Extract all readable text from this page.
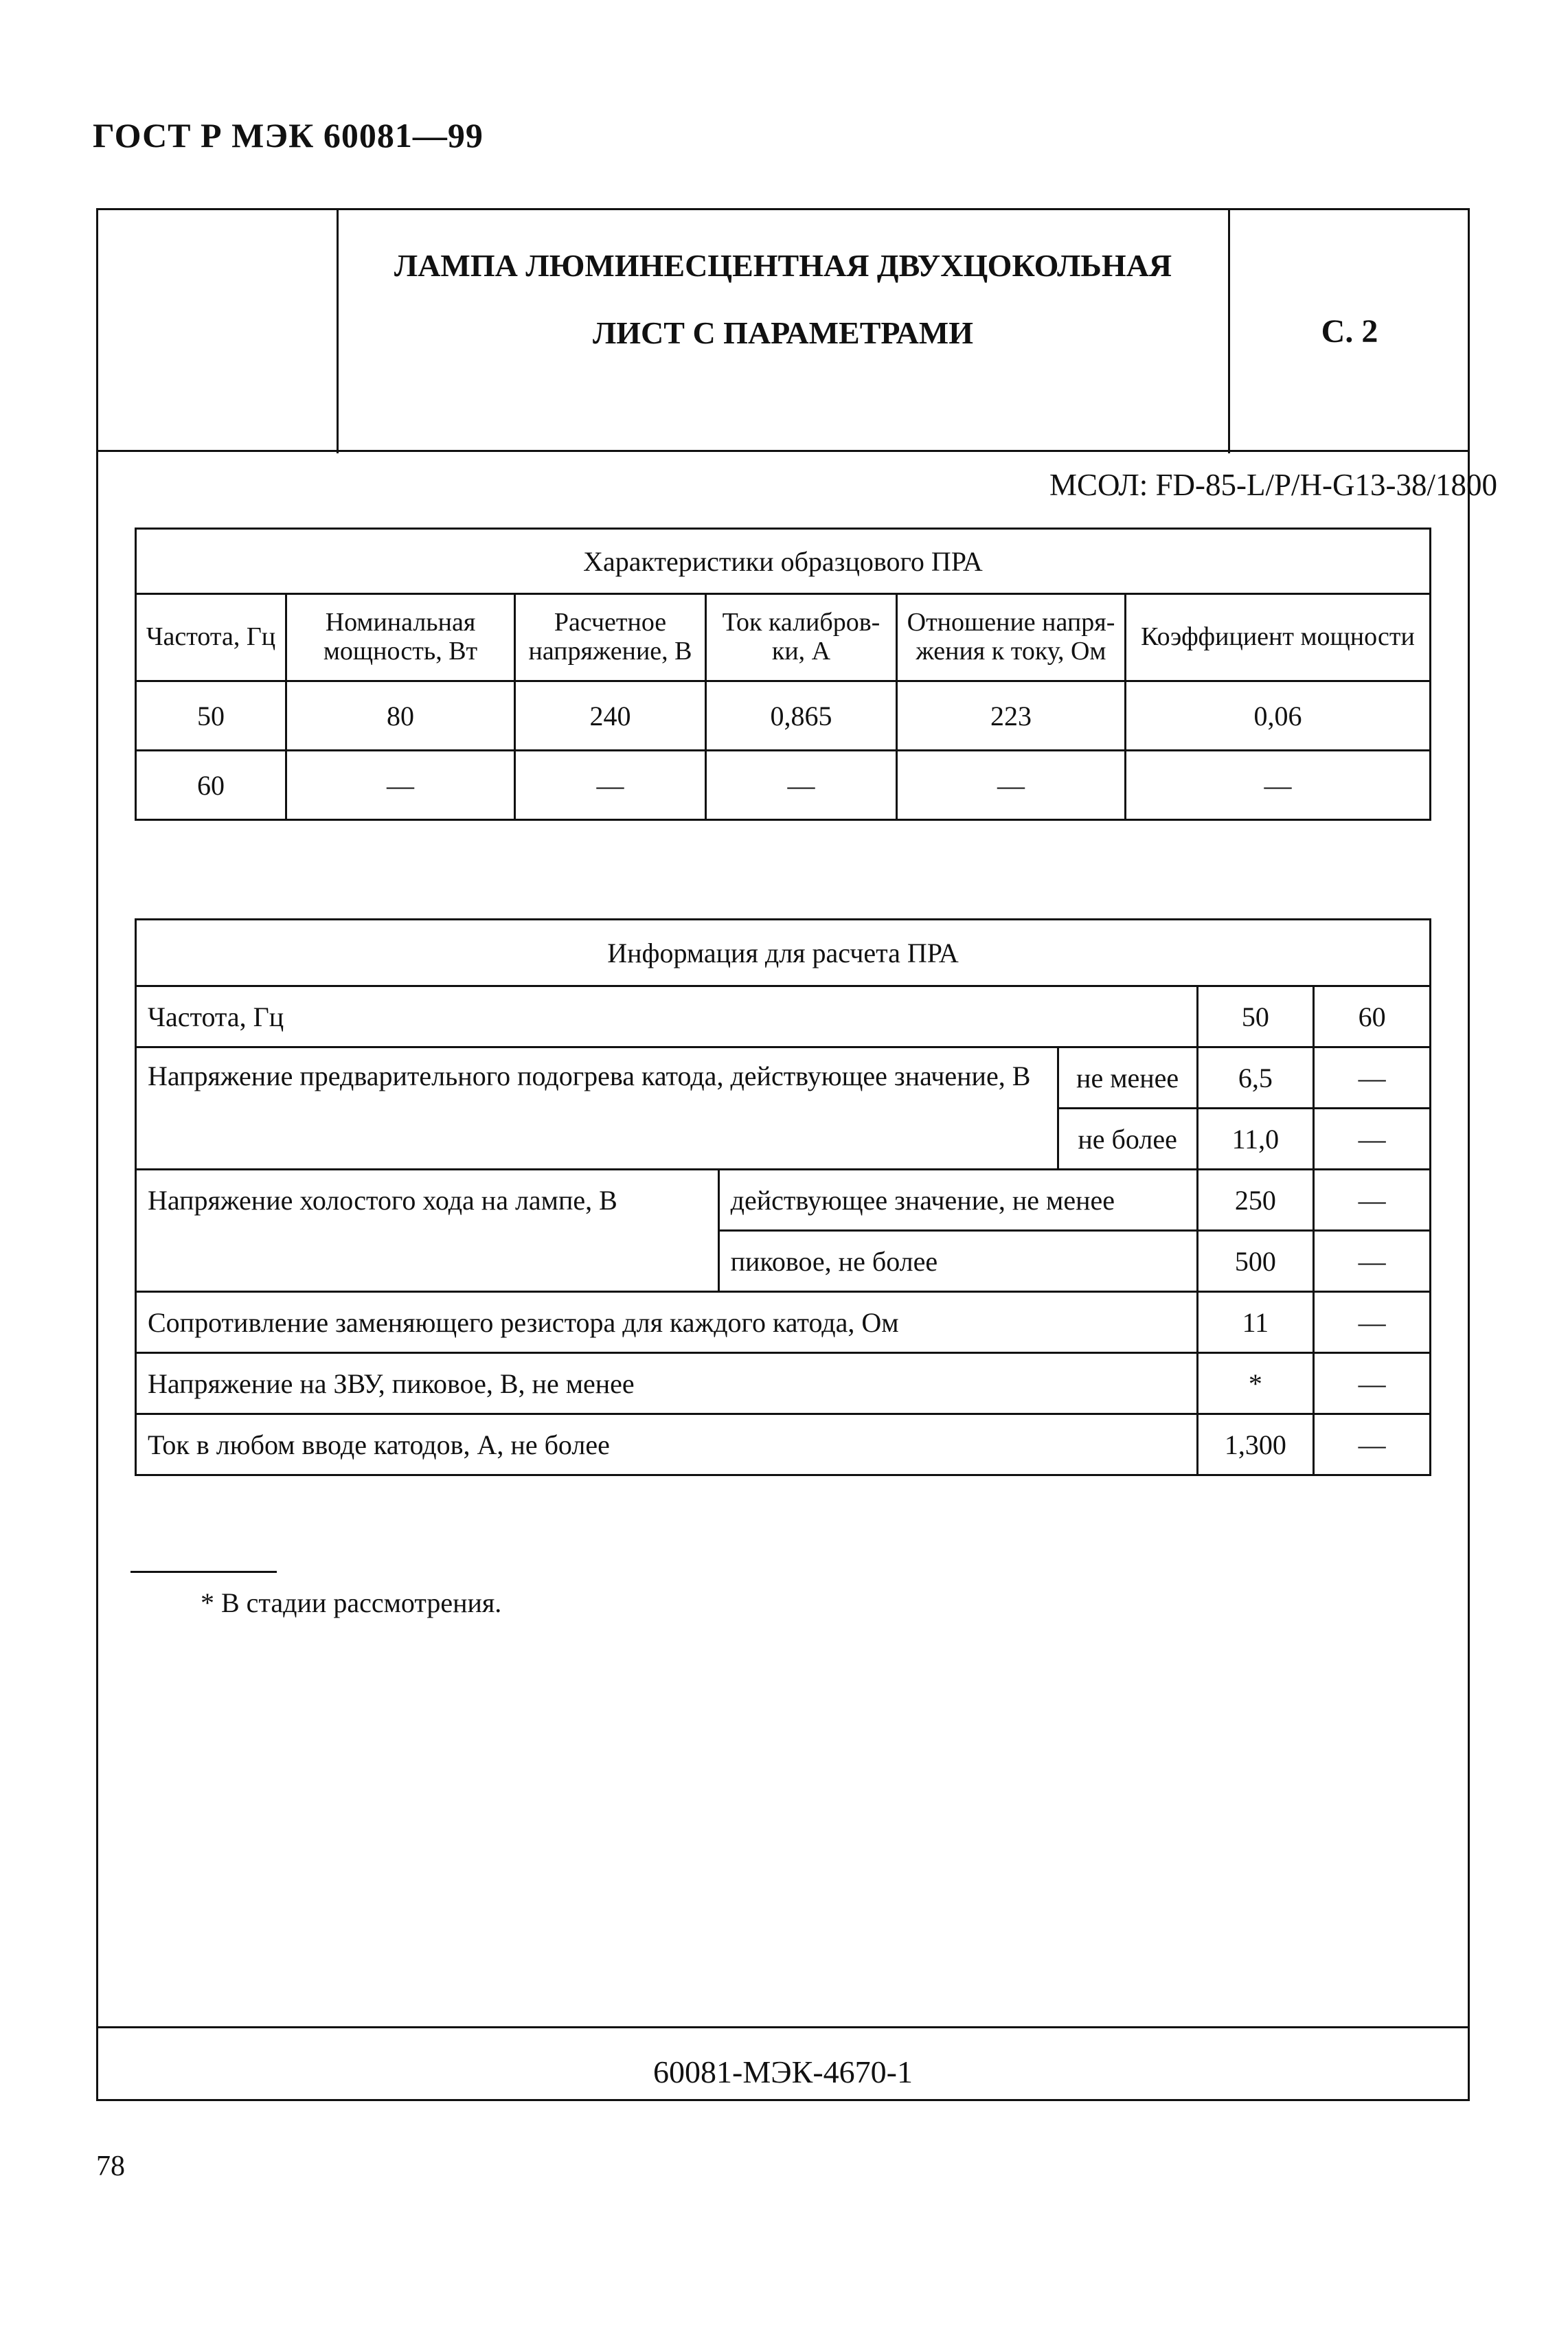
ГОСТ Р МЭК 60081—99
ЛАМПА ЛЮМИНЕСЦЕНТНАЯ ДВУХЦОКОЛЬНАЯ
ЛИСТ С ПАРАМЕТРАМИ	С. 2
МСОЛ: FD-85-L/P/H-G13-38/1800
Характеристики образцового ПРА					
Частота, Гц	Номинальная мощность, Вт	Расчетное напряжение, В	Ток калибров-ки, А	Отношение напря-жения к току, Ом	Коэффициент мощности
50	80	240	0,865	223	0,06
60	—	—	—	—	—
Информация для расчета ПРА				
Частота, Гц			50	60
Напряжение предварительного подогрева катода, действующее значение, В		не менее	6,5	—
		не более	11,0	—
Напряжение холостого хода на лампе, В	действующее значение, не менее		250	—
	пиковое, не более		500	—
Сопротивление заменяющего резистора для каждого катода, Ом			11	—
Напряжение на ЗВУ, пиковое, В, не менее			*	—
Ток в любом вводе катодов, А, не более			1,300	—
* В стадии рассмотрения.
60081-МЭК-4670-1
78
